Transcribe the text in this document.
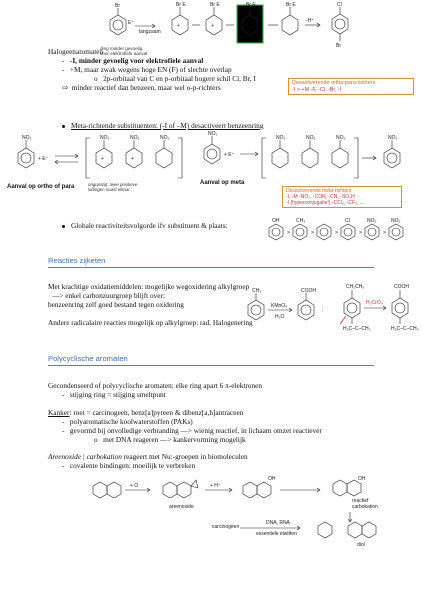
Br
E⁺
langzaam
Br E
+
Br E
+
Br E	Br E
-H⁺
Cl
Br
ding minder gevoelig
voor elektrofiele aanval
Halogeenaromaten
-   -I, minder gevoelig voor elektrofiele aanval
-   +M, maar zwak wegens hoge EN (F) of slechte overlap
o   2p-orbitaal van C en p-orbitaal hogere schil Cl, Br, I
⇨  minder reactief dan benzeen, maar wel o-p-richters	Desactiverende ortho-para-richters
-I > +M -F, -Cl, -Br, -I
Meta-richtende substituenten: (-I of –M) desactiveert benzeenring
NO₂
+ E⁺
NO₂
+
NO₂
+
NO₂
NO₂
+ E⁺
NO₂	NO₂	NO₂	NO₂
ongunstig: twee positieve
ladingen naast elkaar
Aanval op ortho of para
Aanval op meta
Desactiverende meta-richters
-I, -M -NO₂, -COR, -CN, -SO₃H
-I (hyperconjugatie!) -CCl₃, -CF₃, ...
Globale reactiviteitsvolgorde ifv substituent & plaats:	OH
>
CH₃
>	>
Cl
>
NO₂
>
NO₂
Reacties zijketen
Met krachtige oxidatiemiddelen: mogelijke wegoxidering alkylgroep
—> enkel carbonzuurgroep blijft over:
benzeenring zelf goed bestand tegen oxidering
Andere radicalaire reacties mogelijk op alkylgroep: rad. Halogenering
CH₃
KMnO₄
H₂O
COOH
;
CH₂CH₃
H₃C–C–CH₃
H₂CrO₄
COOH
H₃C–C–CH₃
Polycyclische aromaten
Gecondenseerd of polycyclische aromaten: elke ring apart 6 π-elektronen
-   stijging ring = stijging smeltpunt
Kanker: roet = carcinogeen, benz[a]pyreen & dibenz[a,h]antraceen
-   polyaromatische koolwaterstoffen (PAKs)
-   gevormd bij onvolledige verbranding —> wienig reactief, in lichaam omzet reactiever
o   met DNA reageren —> kankervorming mogelijk
Areenoxide | carbokation reageert met Nu:-groepen in biomoleculen
-   covalente bindingen: moeilijk te verbreken
+ O
areenoxide
+ H⁺
OH	OH
reactief
carbokation
diol
DNA, RNA
essentiele eiwitten
carcinogeen
